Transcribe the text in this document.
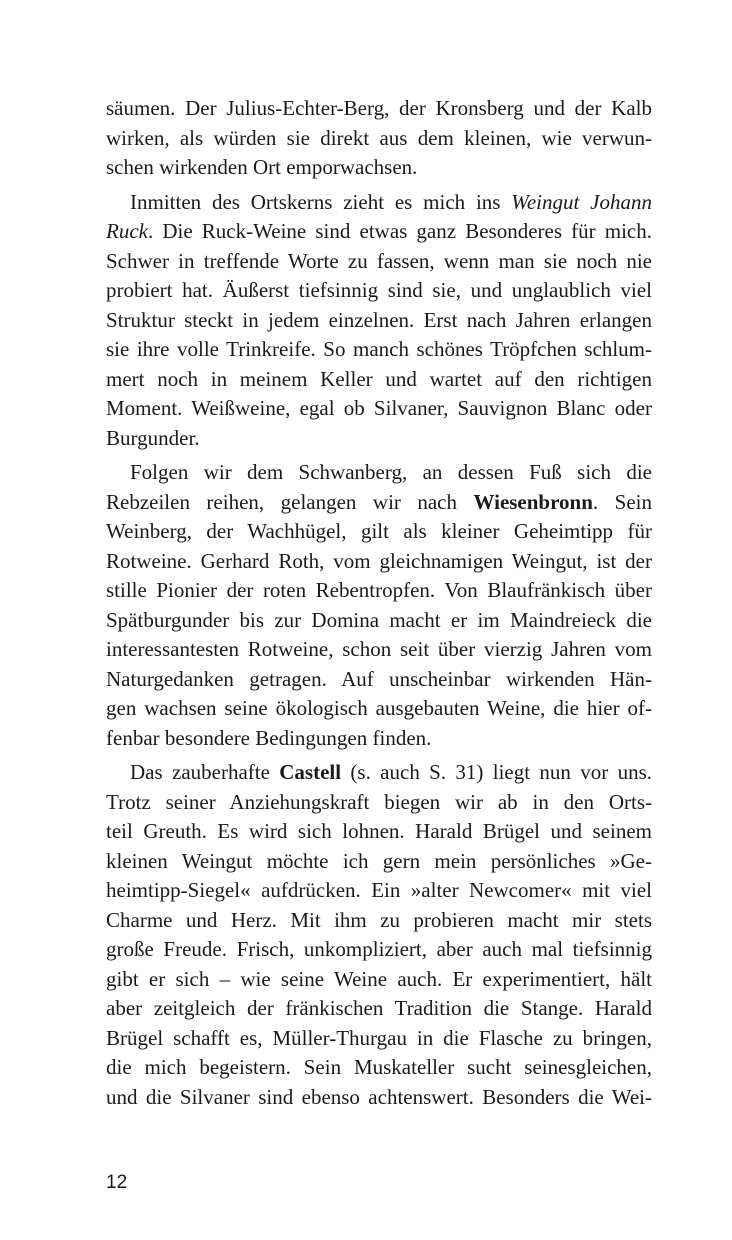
säumen. Der Julius-Echter-Berg, der Kronsberg und der Kalb
wirken, als würden sie direkt aus dem kleinen, wie verwun-
schen wirkenden Ort emporwachsen.
Inmitten des Ortskerns zieht es mich ins Weingut Johann
Ruck. Die Ruck-Weine sind etwas ganz Besonderes für mich.
Schwer in treffende Worte zu fassen, wenn man sie noch nie
probiert hat. Äußerst tiefsinnig sind sie, und unglaublich viel
Struktur steckt in jedem einzelnen. Erst nach Jahren erlangen
sie ihre volle Trinkreife. So manch schönes Tröpfchen schlum-
mert noch in meinem Keller und wartet auf den richtigen
Moment. Weißweine, egal ob Silvaner, Sauvignon Blanc oder
Burgunder.
Folgen wir dem Schwanberg, an dessen Fuß sich die
Rebzeilen reihen, gelangen wir nach Wiesenbronn. Sein
Weinberg, der Wachhügel, gilt als kleiner Geheimtipp für
Rotweine. Gerhard Roth, vom gleichnamigen Weingut, ist der
stille Pionier der roten Rebentropfen. Von Blaufränkisch über
Spätburgunder bis zur Domina macht er im Maindreieck die
interessantesten Rotweine, schon seit über vierzig Jahren vom
Naturgedanken getragen. Auf unscheinbar wirkenden Hän-
gen wachsen seine ökologisch ausgebauten Weine, die hier of-
fenbar besondere Bedingungen finden.
Das zauberhafte Castell (s. auch S. 31) liegt nun vor uns.
Trotz seiner Anziehungskraft biegen wir ab in den Orts-
teil Greuth. Es wird sich lohnen. Harald Brügel und seinem
kleinen Weingut möchte ich gern mein persönliches »Ge-
heimtipp-Siegel« aufdrücken. Ein »alter Newcomer« mit viel
Charme und Herz. Mit ihm zu probieren macht mir stets
große Freude. Frisch, unkompliziert, aber auch mal tiefsinnig
gibt er sich – wie seine Weine auch. Er experimentiert, hält
aber zeitgleich der fränkischen Tradition die Stange. Harald
Brügel schafft es, Müller-Thurgau in die Flasche zu bringen,
die mich begeistern. Sein Muskateller sucht seinesgleichen,
und die Silvaner sind ebenso achtenswert. Besonders die Wei-
12
